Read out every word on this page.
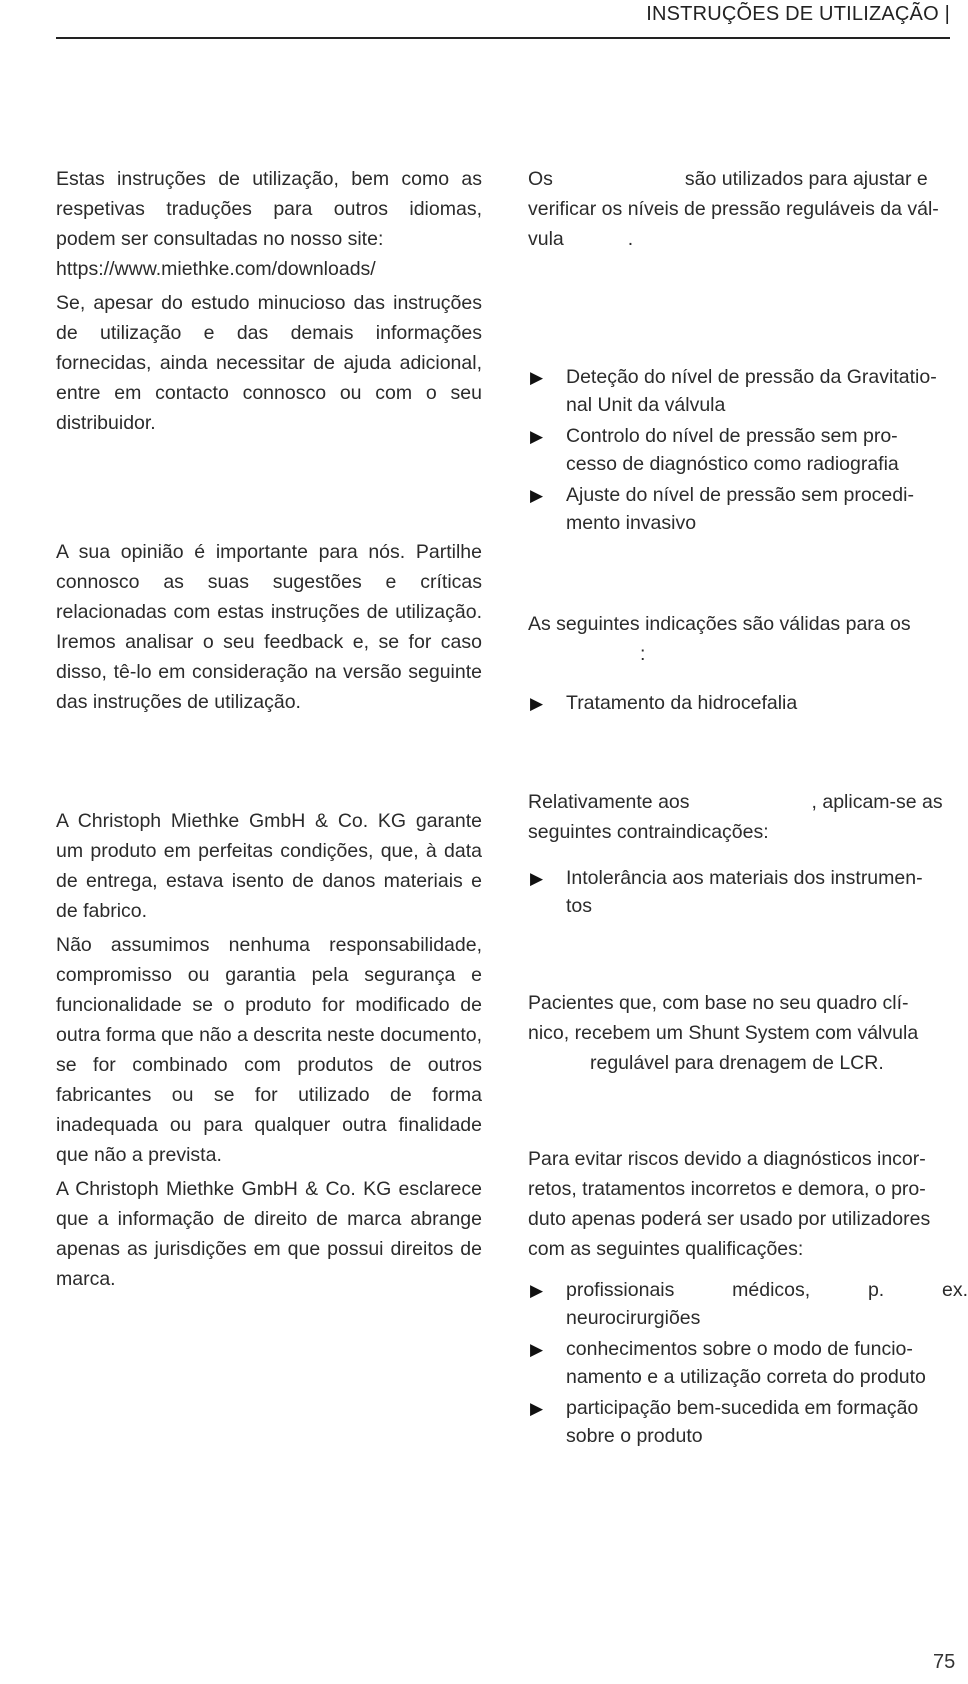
INSTRUÇÕES DE UTILIZAÇÃO |

Estas instruções de utilização, bem como as respetivas traduções para outros idiomas, podem ser consultadas no nosso site:

https://www.miethke.com/downloads/

Se, apesar do estudo minucioso das instruções de utilização e das demais informações fornecidas, ainda necessitar de ajuda adicional, entre em contacto connosco ou com o seu distribuidor.

A sua opinião é importante para nós. Partilhe connosco as suas sugestões e críticas relacionadas com estas instruções de utilização. Iremos analisar o seu feedback e, se for caso disso, tê-lo em consideração na versão seguinte das instruções de utilização.

A Christoph Miethke GmbH & Co. KG garante um produto em perfeitas condições, que, à data de entrega, estava isento de danos materiais e de fabrico.

Não assumimos nenhuma responsabilidade, compromisso ou garantia pela segurança e funcionalidade se o produto for modificado de outra forma que não a descrita neste documento, se for combinado com produtos de outros fabricantes ou se for utilizado de forma inadequada ou para qualquer outra finalidade que não a prevista.

A Christoph Miethke GmbH & Co. KG esclarece que a informação de direito de marca abrange apenas as jurisdições em que possui direitos de marca.

Os	são utilizados para ajustar e

verificar os níveis de pressão reguláveis da vál-

vula	.

▶ Deteção do nível de pressão da Gravitatio-
nal Unit da válvula
▶ Controlo do nível de pressão sem pro-
cesso de diagnóstico como radiografia
▶ Ajuste do nível de pressão sem procedi-
mento invasivo

As seguintes indicações são válidas para os

:

▶ Tratamento da hidrocefalia

Relativamente aos	, aplicam-se as

seguintes contraindicações:

▶ Intolerância aos materiais dos instrumen-
tos

Pacientes que, com base no seu quadro clí-

nico, recebem um Shunt System com válvula

regulável para drenagem de LCR.

Para evitar riscos devido a diagnósticos incor-

retos, tratamentos incorretos e demora, o pro-

duto apenas poderá ser usado por utilizadores

com as seguintes qualificações:

▶ profissionais médicos, p. ex.
neurocirurgiões
▶ conhecimentos sobre o modo de funcio-
namento e a utilização correta do produto
▶ participação bem-sucedida em formação
sobre o produto
75
